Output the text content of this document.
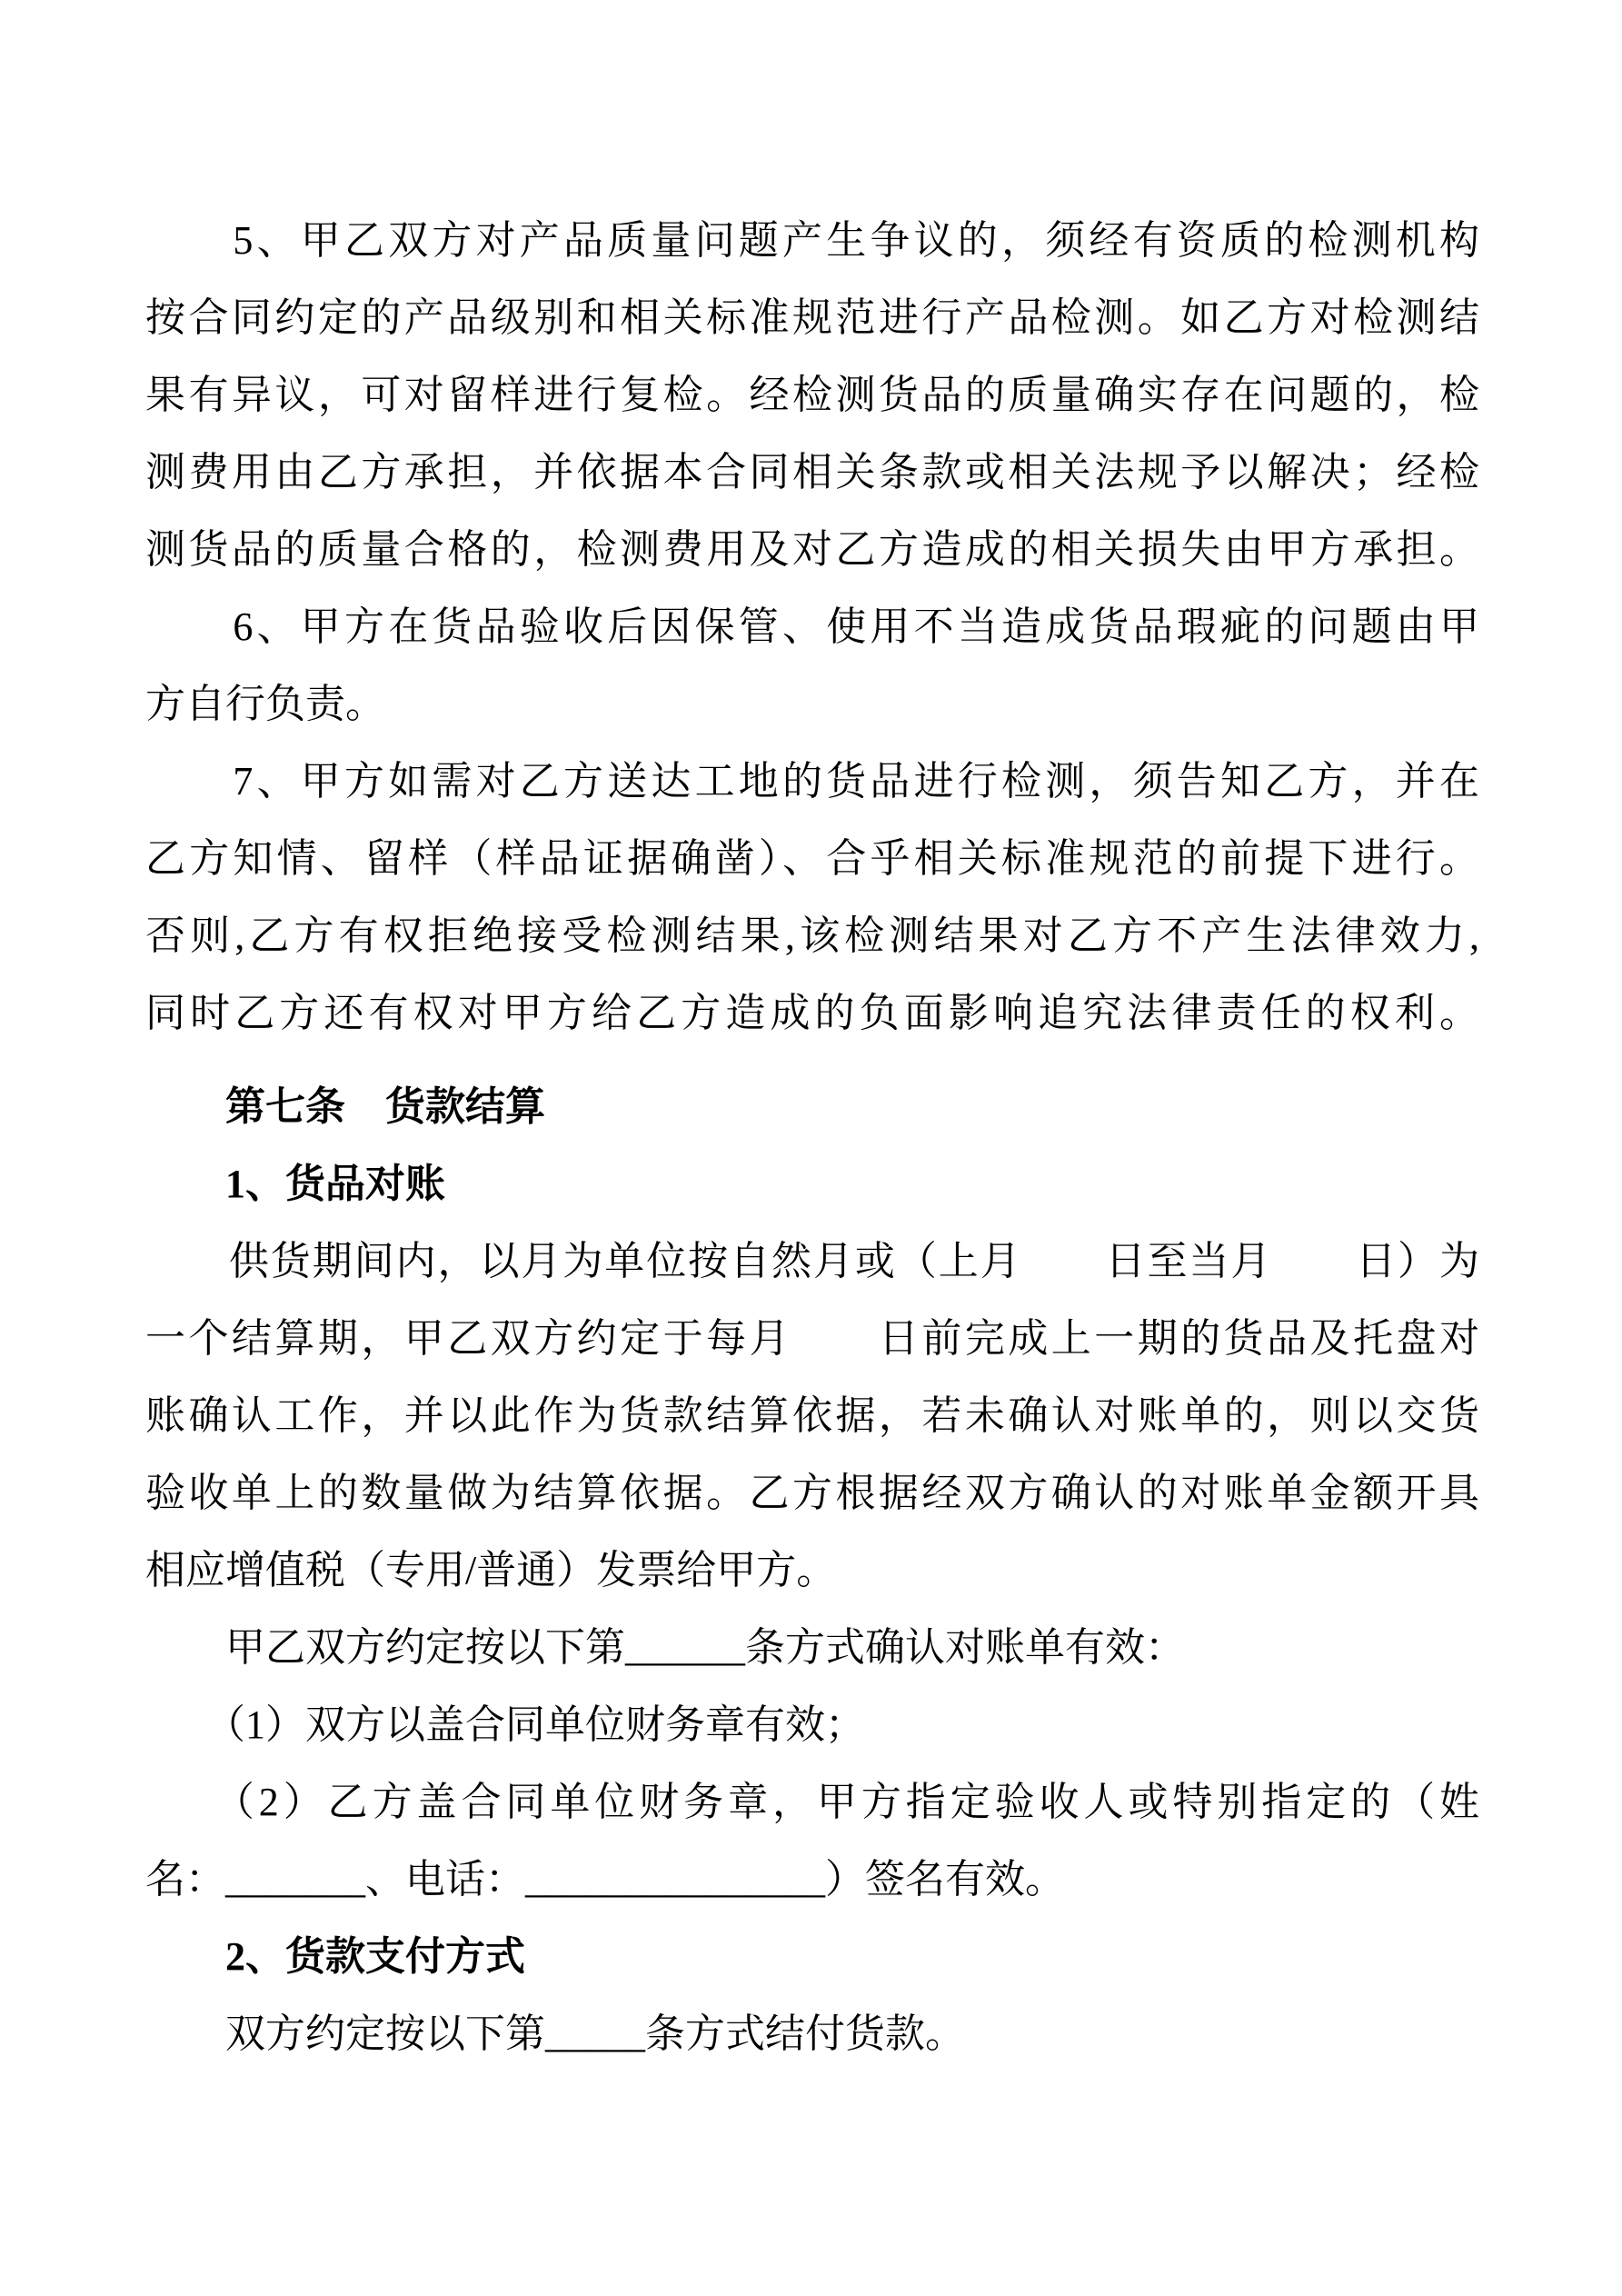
　　5、甲乙双方对产品质量问题产生争议的，须经有资质的检测机构
按合同约定的产品级别和相关标准规范进行产品检测。如乙方对检测结
果有异议，可对留样进行复检。经检测货品的质量确实存在问题的，检
测费用由乙方承担，并依据本合同相关条款或相关法规予以解决；经检
测货品的质量合格的，检测费用及对乙方造成的相关损失由甲方承担。
　　6、甲方在货品验收后因保管、使用不当造成货品瑕疵的问题由甲
方自行负责。
　　7、甲方如需对乙方送达工地的货品进行检测，须告知乙方，并在
乙方知情、留样（样品证据确凿）、合乎相关标准规范的前提下进行。
否则,乙方有权拒绝接受检测结果,该检测结果对乙方不产生法律效力,
同时乙方还有权对甲方给乙方造成的负面影响追究法律责任的权利。
　　第七条　货款结算
　　1、货品对账
　　供货期间内，以月为单位按自然月或（上月　　日至当月　　日）为
一个结算期，甲乙双方约定于每月　　日前完成上一期的货品及托盘对
账确认工作，并以此作为货款结算依据，若未确认对账单的，则以交货
验收单上的数量做为结算依据。乙方根据经双方确认的对账单金额开具
相应增值税（专用/普通）发票给甲方。
　　甲乙双方约定按以下第______条方式确认对账单有效：
　　（1）双方以盖合同单位财务章有效；
　　（2）乙方盖合同单位财务章，甲方指定验收人或特别指定的（姓
名：_______、电话：_______________）签名有效。
　　2、货款支付方式
　　双方约定按以下第_____条方式结付货款。
